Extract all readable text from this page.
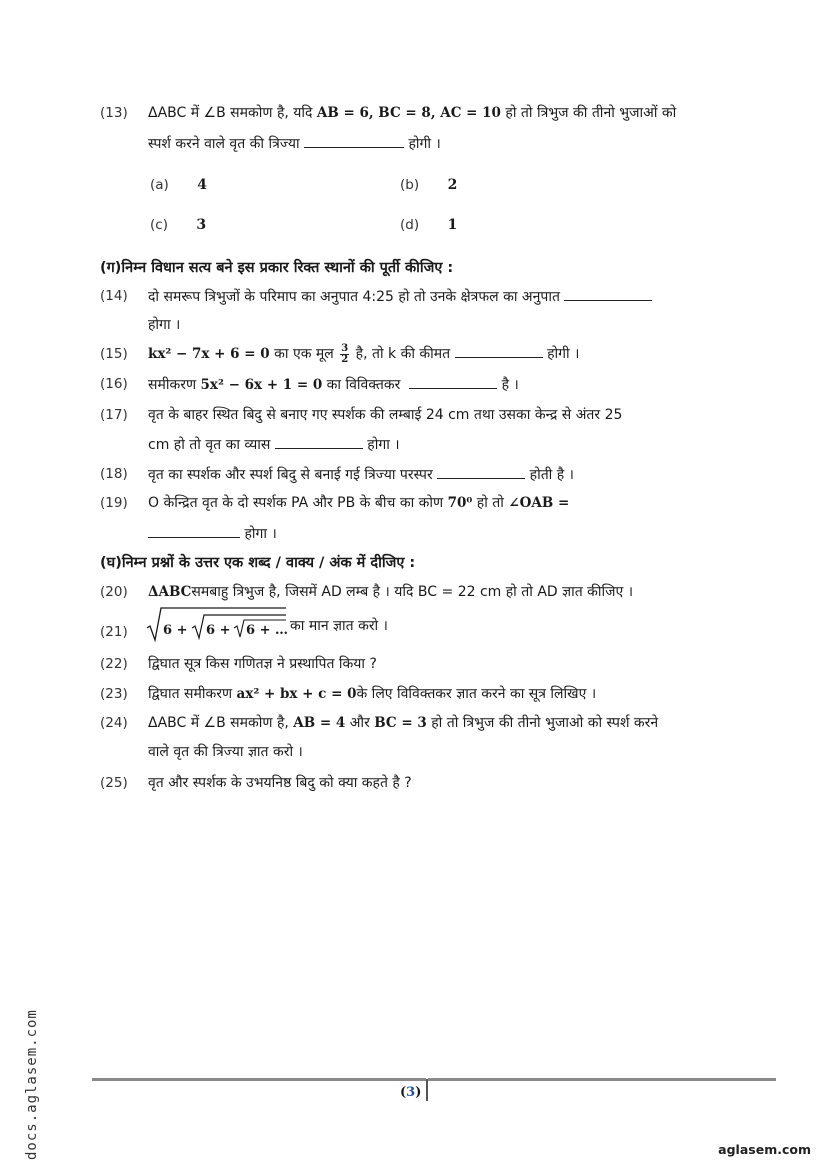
(13)	ΔABC में ∠B समकोण है, यदि AB = 6, BC = 8, AC = 10 हो तो त्रिभुज की तीनो भुजाओं को
स्पर्श करने वाले वृत की त्रिज्या	होगी ।
(a) 4	(b) 2
(c) 3	(d) 1
(ग)निम्न विधान सत्य बने इस प्रकार रिक्त स्थानों की पूर्ती कीजिए :
(14)	दो समरूप त्रिभुजों के परिमाप का अनुपात 4:25 हो तो उनके क्षेत्रफल का अनुपात
होगा ।
(15)	kx² − 7x + 6 = 0 का एक मूल $\frac{3}{2}$ है, तो k की कीमत	होगी ।
(16)	समीकरण 5x² − 6x + 1 = 0 का विविक्तकर	है ।
(17)	वृत के बाहर स्थित बिदु से बनाए गए स्पर्शक की लम्बाई 24 cm तथा उसका केन्द्र से अंतर 25
cm हो तो वृत का व्यास	होगा ।
(18)	वृत का स्पर्शक और स्पर्श बिदु से बनाई गई त्रिज्या परस्पर	होती है ।
(19)	O केन्द्रित वृत के दो स्पर्शक PA और PB के बीच का कोण 70⁰ हो तो ∠OAB =
होगा ।
(घ)निम्न प्रश्नों के उत्तर एक शब्द / वाक्य / अंक में दीजिए :
(20)	ΔABCसमबाहु त्रिभुज है, जिसमें AD लम्ब है । यदि BC = 22 cm हो तो AD ज्ञात कीजिए ।
(21)	6 + 6 + 6 + … का मान ज्ञात करो ।
(22)	द्विघात सूत्र किस गणितज्ञ ने प्रस्थापित किया ?
(23)	द्विघात समीकरण ax² + bx + c = 0के लिए विविक्तकर ज्ञात करने का सूत्र लिखिए ।
(24)	ΔABC में ∠B समकोण है, AB = 4 और BC = 3 हो तो त्रिभुज की तीनो भुजाओ को स्पर्श करने
वाले वृत की त्रिज्या ज्ञात करो ।
(25)	वृत और स्पर्शक के उभयनिष्ठ बिदु को क्या कहते है ?
(3)
docs.aglasem.com	aglasem.com
